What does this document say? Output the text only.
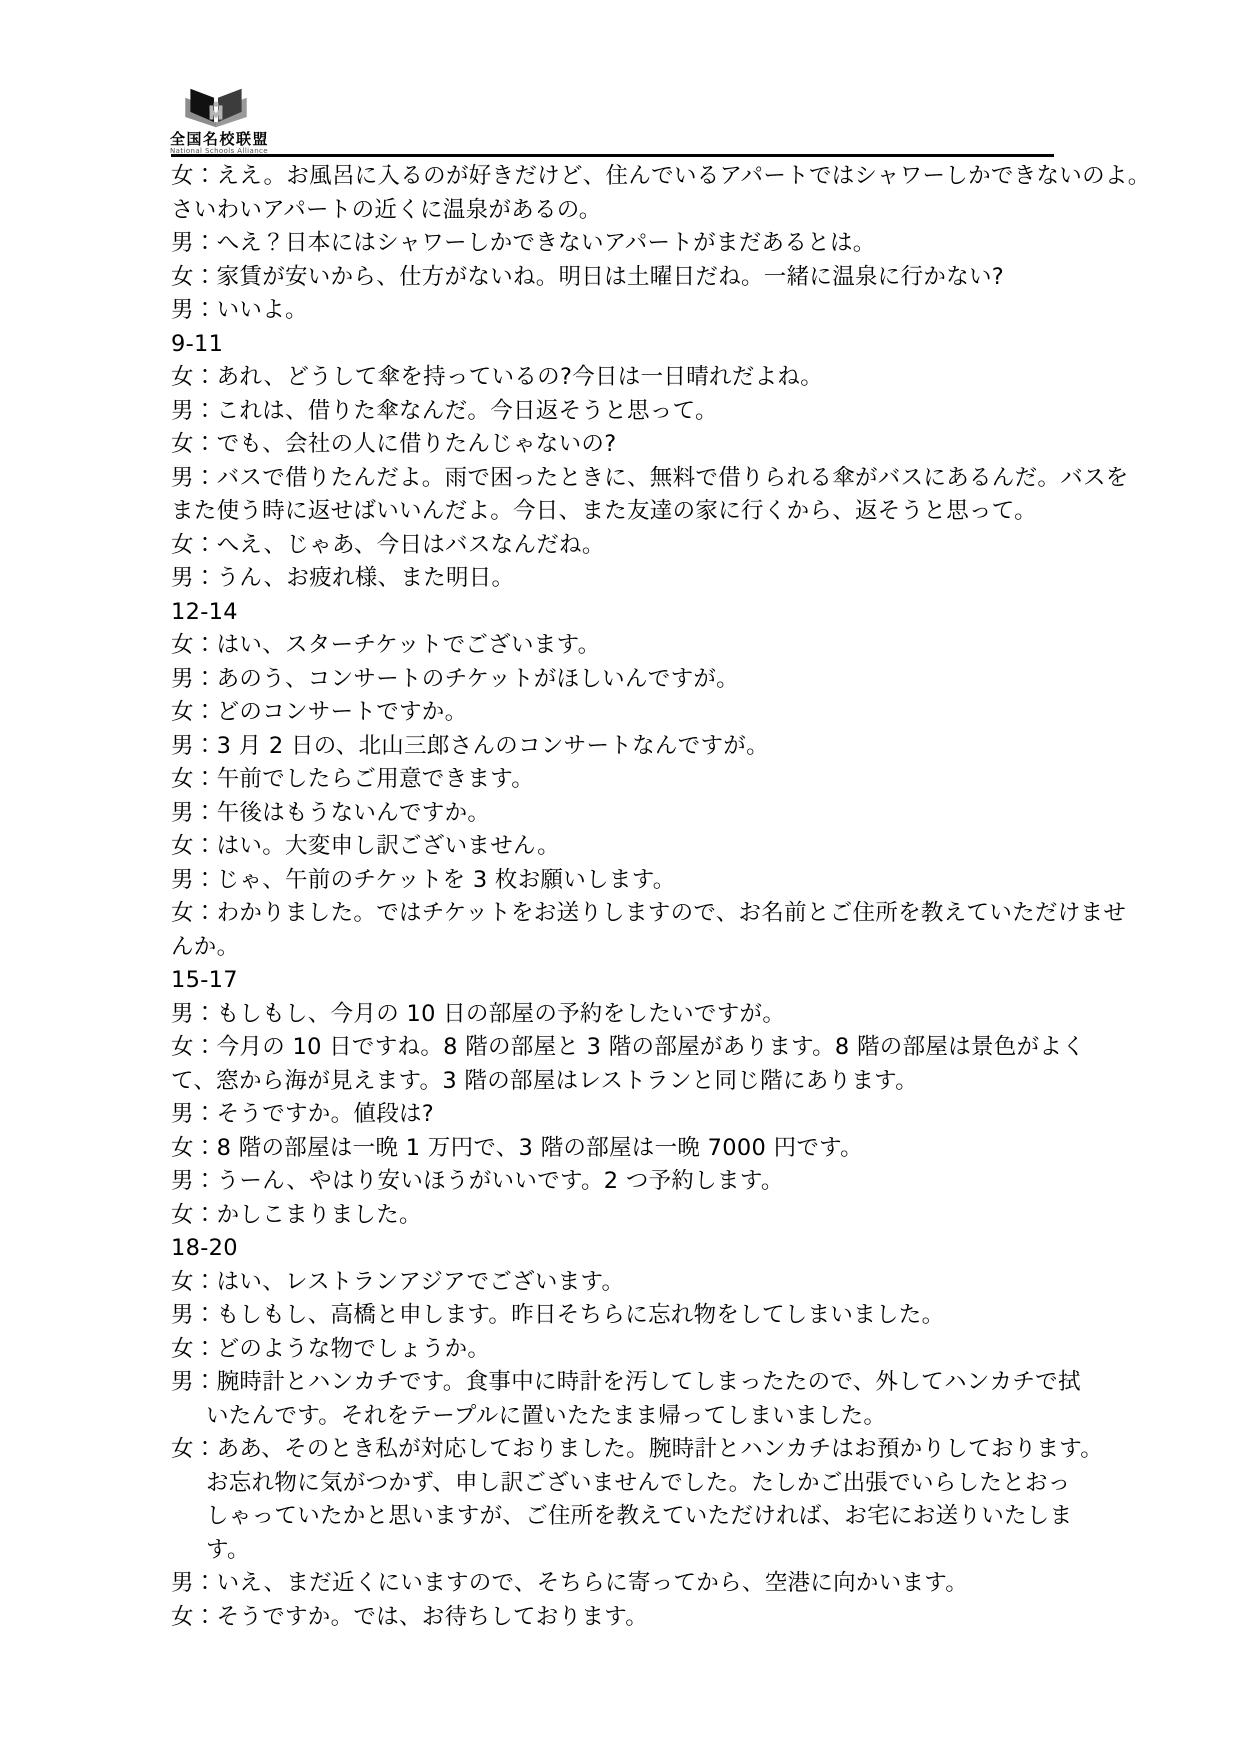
全国名校联盟
National Schools Alliance
女：ええ。お風呂に入るのが好きだけど、住んでいるアパートではシャワーしかできないのよ。
さいわいアパートの近くに温泉があるの。
男：へえ？日本にはシャワーしかできないアパートがまだあるとは。
女：家賃が安いから、仕方がないね。明日は土曜日だね。一緒に温泉に行かない?
男：いいよ。
9-11
女：あれ、どうして傘を持っているの?今日は一日晴れだよね。
男：これは、借りた傘なんだ。今日返そうと思って。
女：でも、会社の人に借りたんじゃないの?
男：バスで借りたんだよ。雨で困ったときに、無料で借りられる傘がバスにあるんだ。バスを
また使う時に返せばいいんだよ。今日、また友達の家に行くから、返そうと思って。
女：へえ、じゃあ、今日はバスなんだね。
男：うん、お疲れ様、また明日。
12-14
女：はい、スターチケットでございます。
男：あのう、コンサートのチケットがほしいんですが。
女：どのコンサートですか。
男：3 月 2 日の、北山三郎さんのコンサートなんですが。
女：午前でしたらご用意できます。
男：午後はもうないんですか。
女：はい。大変申し訳ございません。
男：じゃ、午前のチケットを 3 枚お願いします。
女：わかりました。ではチケットをお送りしますので、お名前とご住所を教えていただけませ
んか。
15-17
男：もしもし、今月の 10 日の部屋の予約をしたいですが。
女：今月の 10 日ですね。8 階の部屋と 3 階の部屋があります。8 階の部屋は景色がよく
て、窓から海が見えます。3 階の部屋はレストランと同じ階にあります。
男：そうですか。値段は?
女：8 階の部屋は一晩 1 万円で、3 階の部屋は一晩 7000 円です。
男：うーん、やはり安いほうがいいです。2 つ予約します。
女：かしこまりました。
18-20
女：はい、レストランアジアでございます。
男：もしもし、高橋と申します。昨日そちらに忘れ物をしてしまいました。
女：どのような物でしょうか。
男：腕時計とハンカチです。食事中に時計を汚してしまったたので、外してハンカチで拭
いたんです。それをテープルに置いたたまま帰ってしまいました。
女：ああ、そのとき私が対応しておりました。腕時計とハンカチはお預かりしております。
お忘れ物に気がつかず、申し訳ございませんでした。たしかご出張でいらしたとおっ
しゃっていたかと思いますが、ご住所を教えていただければ、お宅にお送りいたしま
す。
男：いえ、まだ近くにいますので、そちらに寄ってから、空港に向かいます。
女：そうですか。では、お待ちしております。
